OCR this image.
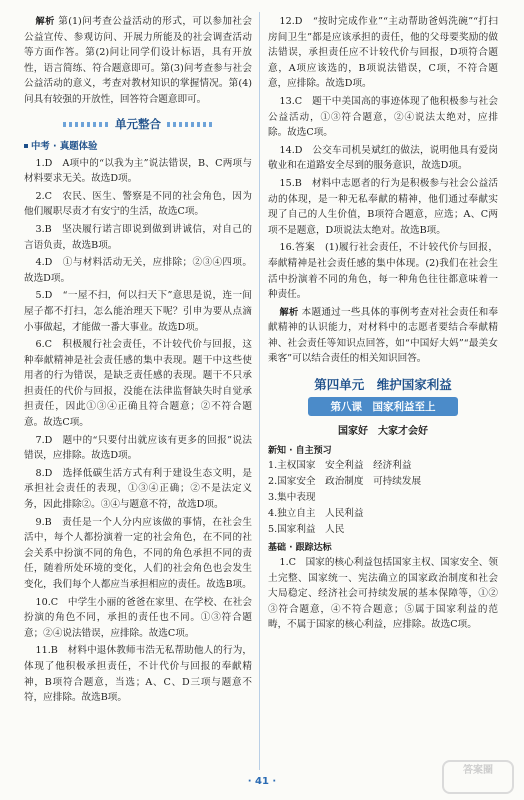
解析 第(1)问考查公益活动的形式，可以参加社会公益宣传、参观访问、开展力所能及的社会调查活动等方面作答。第(2)问让同学们设计标语，具有开放性，语言简练、符合题意即可。第(3)问考查参与社会公益活动的意义，考查对教材知识的掌握情况。第(4)问具有较强的开放性，回答符合题意即可。

单元整合
中考 · 真题体验

1.D　A项中的“以我为主”说法错误，B、C两项与材料要求无关。故选D项。

2.C　农民、医生、警察是不同的社会角色，因为他们履职尽责才有安宁的生活，故选C项。

3.B　坚决履行诺言即说到做到讲诚信，对自己的言语负责，故选B项。

4.D　①与材料活动无关，应排除；②③④四项。故选D项。

5.D　“一屋不扫，何以扫天下”意思是说，连一间屋子都不打扫，怎么能治理天下呢？引申为要从点滴小事做起，才能做一番大事业。故选D项。

6.C　积极履行社会责任，不计较代价与回报，这种奉献精神是社会责任感的集中表现。题干中这些使用者的行为错误，是缺乏责任感的表现。题干不只承担责任的代价与回报，没能在法律监督缺失时自觉承担责任，因此①③④正确且符合题意；②不符合题意。故选C项。

7.D　题中的“只要付出就应该有更多的回报”说法错误，应排除。故选D项。

8.D　选择低碳生活方式有利于建设生态文明，是承担社会责任的表现，①③④正确；②不是法定义务，因此排除②。③④与题意不符，故选D项。

9.B　责任是一个人分内应该做的事情，在社会生活中，每个人都扮演着一定的社会角色，在不同的社会关系中扮演不同的角色，不同的角色承担不同的责任，随着所处环境的变化，人们的社会角色也会发生变化，我们每个人都应当承担相应的责任。故选B项。

10.C　中学生小丽的爸爸在家里、在学校、在社会扮演的角色不同，承担的责任也不同。①③符合题意；②④说法错误，应排除。故选C项。

11.B　材料中退休教师韦浩无私帮助他人的行为，体现了他积极承担责任，不计代价与回报的奉献精神，B项符合题意，当选；A、C、D三项与题意不符，应排除。故选B项。

12.D　“按时完成作业”“主动帮助爸妈洗碗”“打扫房间卫生”都是应该承担的责任，他的父母要奖励的做法错误，承担责任应不计较代价与回报，D项符合题意，A项应该选的，B项说法错误，C项，不符合题意，应排除。故选D项。

13.C　题干中美国高的事迹体现了他积极参与社会公益活动，①③符合题意，②④说法太绝对，应排除。故选C项。

14.D　公交车司机吴斌红的做法，说明他具有爱岗敬业和在道路安全尽到的服务意识，故选D项。

15.B　材料中志愿者的行为是积极参与社会公益活动的体现，是一种无私奉献的精神，他们通过奉献实现了自己的人生价值，B项符合题意，应选；A、C两项不是题意，D项说法太绝对。故选B项。

16.答案　(1)履行社会责任，不计较代价与回报，奉献精神是社会责任感的集中体现。(2)我们在社会生活中扮演着不同的角色，每一种角色往往都意味着一种责任。

解析 本题通过一些具体的事例考查对社会责任和奉献精神的认识能力，对材料中的志愿者要结合奉献精神、社会责任等知识点回答，如“中国好大妈”“最美女乘客”可以结合责任的相关知识回答。

第四单元　维护国家利益
第八课　国家利益至上
国家好　大家才会好
新知 · 自主预习
1.主权国家　安全利益　经济利益
2.国家安全　政治制度　可持续发展
3.集中表现
4.独立自主　人民利益
5.国家利益　人民
基础 · 跟踪达标

1.C　国家的核心利益包括国家主权、国家安全、领土完整、国家统一、宪法确立的国家政治制度和社会大局稳定、经济社会可持续发展的基本保障等，①②③符合题意，④不符合题意；⑤属于国家利益的范畴，不属于国家的核心利益，应排除。故选C项。

· 41 ·
答案圈
